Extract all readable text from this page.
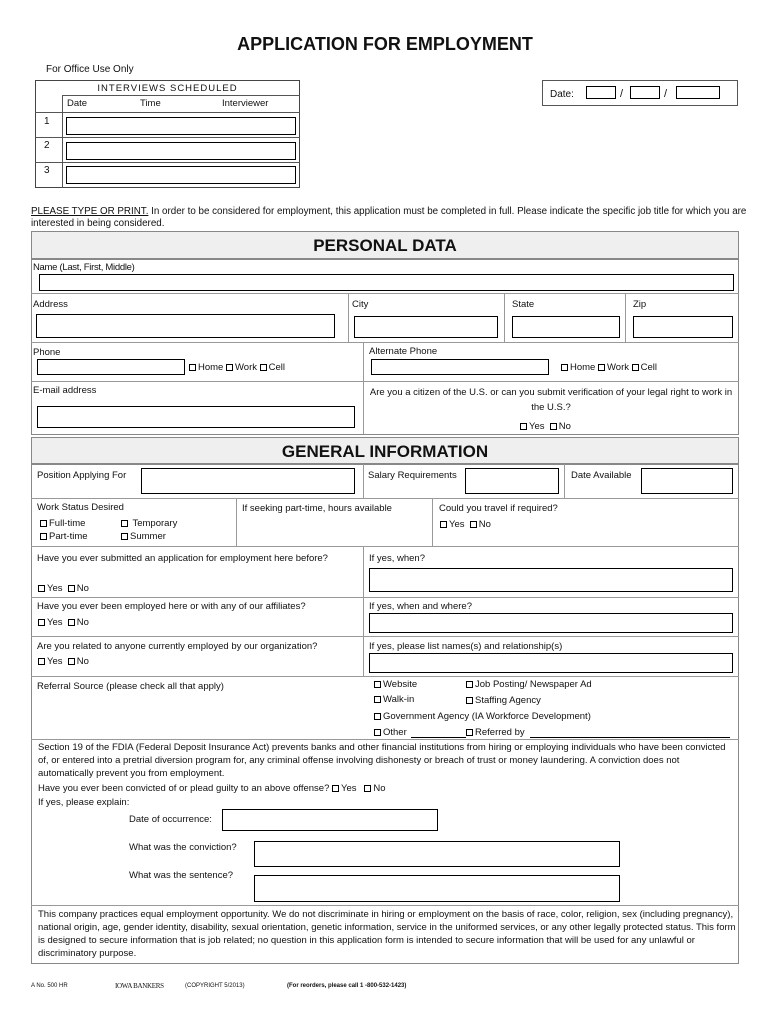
APPLICATION FOR EMPLOYMENT
For Office Use Only
INTERVIEWS SCHEDULED
Date	Time	Interviewer
1
2
3
Date:	/	/
PLEASE TYPE OR PRINT. In order to be considered for employment, this application must be completed in full. Please indicate the specific job title for which you are interested in being considered.
PERSONAL DATA
Name (Last, First, Middle)
Address	City	State	Zip
Phone
Home Work Cell
Alternate Phone
Home Work Cell
E-mail address	Are you a citizen of the U.S. or can you submit verification of your legal right to work in the U.S.?
Yes No
GENERAL INFORMATION
Position Applying For	Salary Requirements	Date Available
Work Status Desired
Full-time	Temporary
Part-time	Summer
If seeking part-time, hours available	Could you travel if required?
Yes No
Have you ever submitted an application for employment here before?
Yes No
If yes, when?
Have you ever been employed here or with any of our affiliates?
Yes No
If yes, when and where?
Are you related to anyone currently employed by our organization?
Yes No
If yes, please list names(s) and relationship(s)
Referral Source (please check all that apply)	Website	Job Posting/ Newspaper Ad
Walk-in	Staffing Agency
Government Agency (IA Workforce Development)
Other	Referred by
Section 19 of the FDIA (Federal Deposit Insurance Act) prevents banks and other financial institutions from hiring or employing individuals who have been convicted of, or entered into a pretrial diversion program for, any criminal offense involving dishonesty or breach of trust or money laundering. A conviction does not automatically prevent you from employment.
Have you ever been convicted of or plead guilty to an above offense? Yes No
If yes, please explain:
Date of occurrence:
What was the conviction?
What was the sentence?
This company practices equal employment opportunity. We do not discriminate in hiring or employment on the basis of race, color, religion, sex (including pregnancy), national origin, age, gender identity, disability, sexual orientation, genetic information, service in the uniformed services, or any other legally protected status. This form is designed to secure information that is job related; no question in this application form is intended to secure information that will be used for any unlawful or discriminatory purpose.
A No. 500 HR	IOWA BANKERS	(COPYRIGHT 5/2013)	(For reorders, please call 1 -800-532-1423)
